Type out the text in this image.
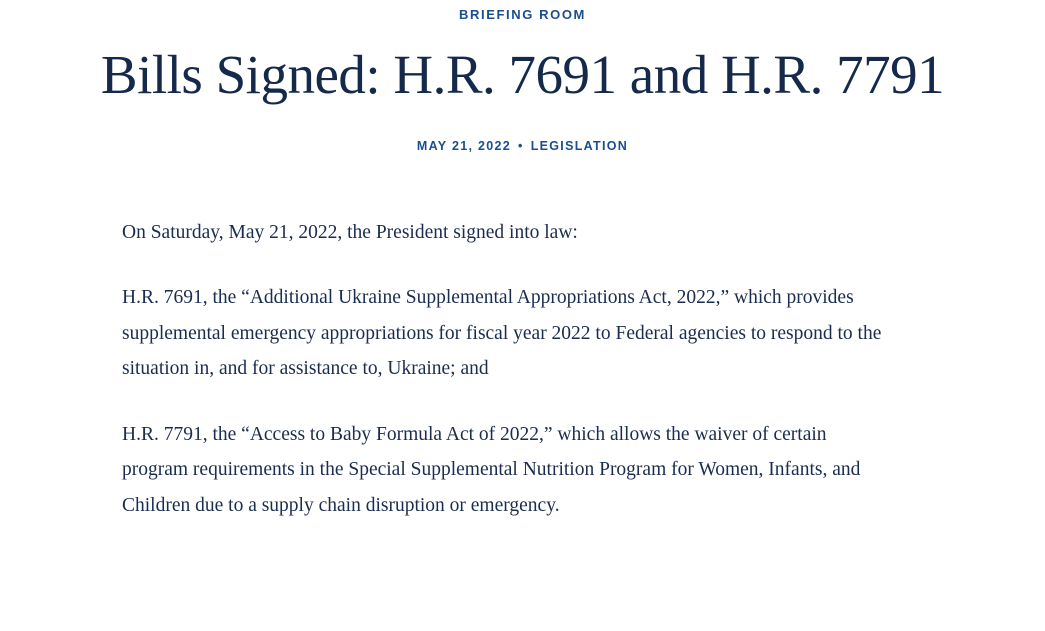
BRIEFING ROOM
Bills Signed: H.R. 7691 and H.R. 7791
MAY 21, 2022 • LEGISLATION

On Saturday, May 21, 2022, the President signed into law:

H.R. 7691, the “Additional Ukraine Supplemental Appropriations Act, 2022,” which provides supplemental emergency appropriations for fiscal year 2022 to Federal agencies to respond to the situation in, and for assistance to, Ukraine; and

H.R. 7791, the “Access to Baby Formula Act of 2022,” which allows the waiver of certain program requirements in the Special Supplemental Nutrition Program for Women, Infants, and Children due to a supply chain disruption or emergency.
